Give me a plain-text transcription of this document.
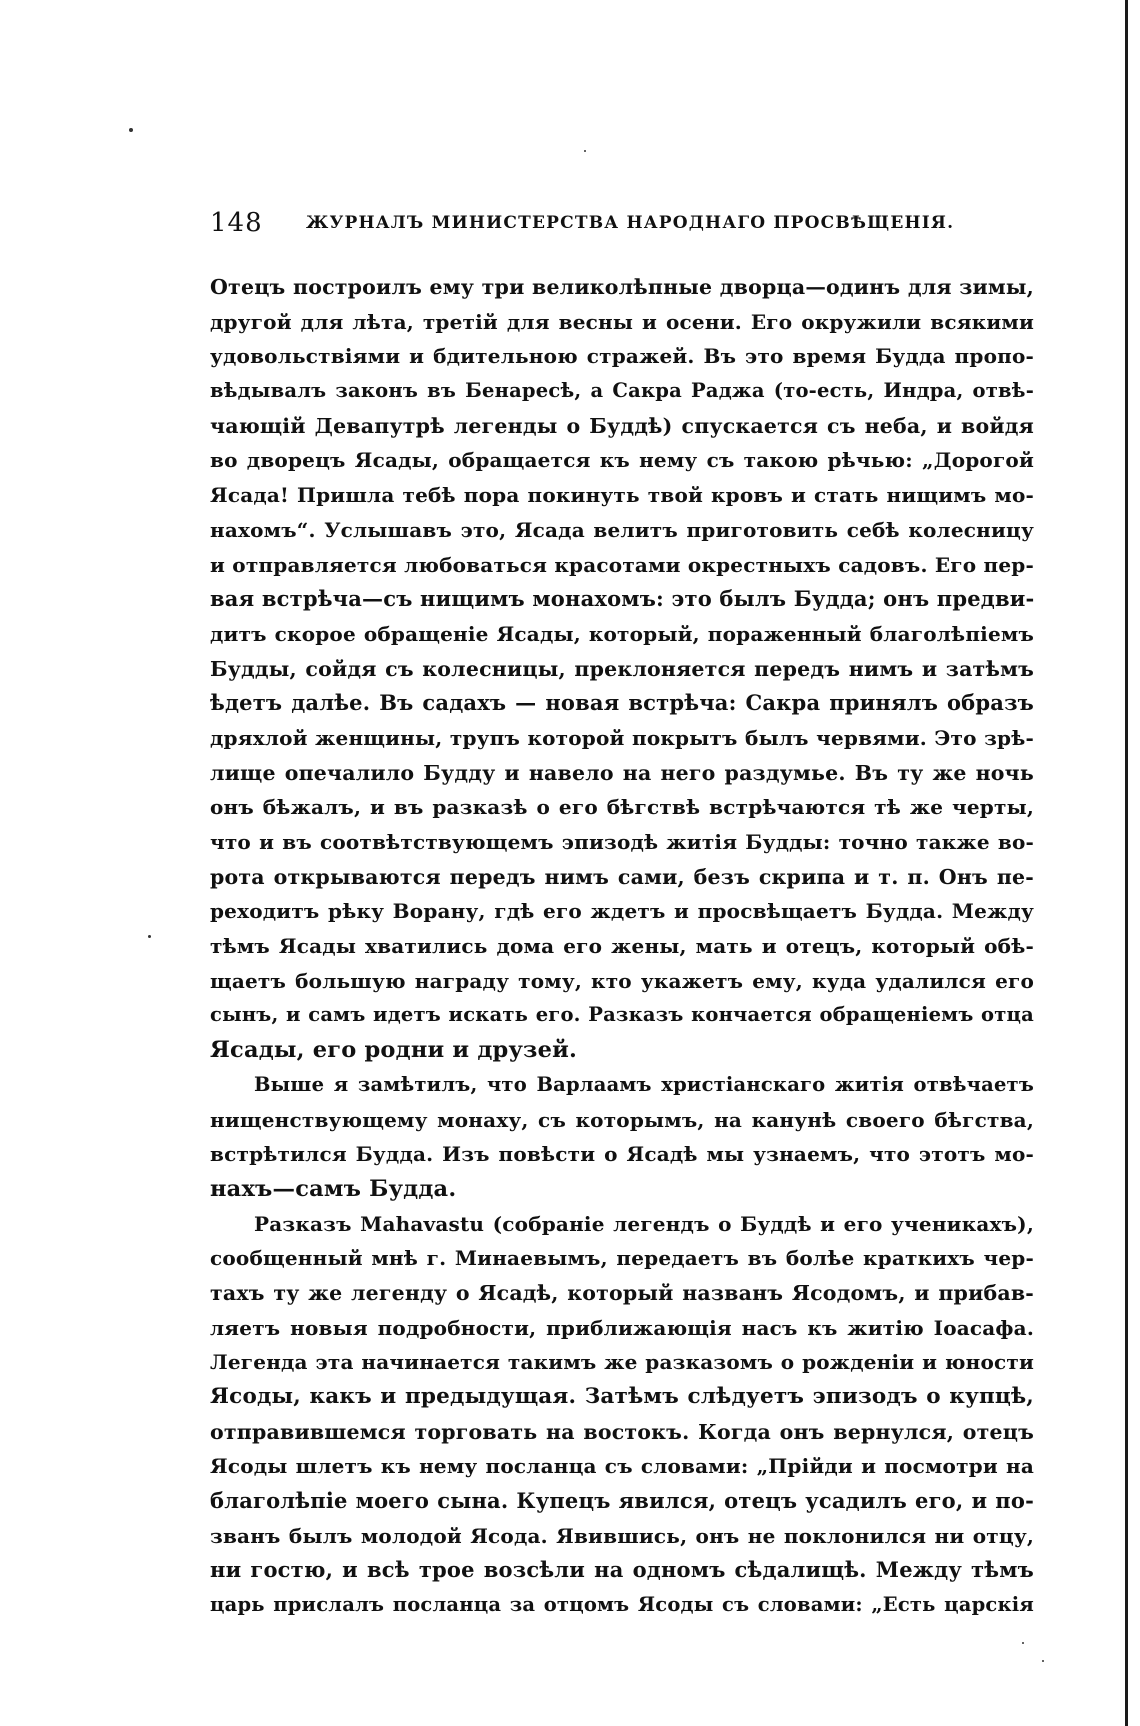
148	ЖУРНАЛЪ МИНИСТЕРСТВА НАРОДНАГО ПРОСВѢЩЕНІЯ.
Отецъ построилъ ему три великолѣпные дворца—одинъ для зимы,
другой для лѣта, третій для весны и осени. Его окружили всякими
удовольствіями и бдительною стражей. Въ это время Будда пропо-
вѣдывалъ законъ въ Бенаресѣ, а Сакра Раджа (то-есть, Индра, отвѣ-
чающій Девапутрѣ легенды о Буддѣ) спускается съ неба, и войдя
во дворецъ Ясады, обращается къ нему съ такою рѣчью: „Дорогой
Ясада! Пришла тебѣ пора покинуть твой кровъ и стать нищимъ мо-
нахомъ“. Услышавъ это, Ясада велитъ приготовить себѣ колесницу
и отправляется любоваться красотами окрестныхъ садовъ. Его пер-
вая встрѣча—съ нищимъ монахомъ: это былъ Будда; онъ предви-
дитъ скорое обращеніе Ясады, который, пораженный благолѣпіемъ
Будды, сойдя съ колесницы, преклоняется передъ нимъ и затѣмъ
ѣдетъ далѣе. Въ садахъ — новая встрѣча: Сакра принялъ образъ
дряхлой женщины, трупъ которой покрытъ былъ червями. Это зрѣ-
лище опечалило Будду и навело на него раздумье. Въ ту же ночь
онъ бѣжалъ, и въ разказѣ о его бѣгствѣ встрѣчаются тѣ же черты,
что и въ соотвѣтствующемъ эпизодѣ житія Будды: точно также во-
рота открываются передъ нимъ сами, безъ скрипа и т. п. Онъ пе-
реходитъ рѣку Ворану, гдѣ его ждетъ и просвѣщаетъ Будда. Между
тѣмъ Ясады хватились дома его жены, мать и отецъ, который обѣ-
щаетъ большую награду тому, кто укажетъ ему, куда удалился его
сынъ, и самъ идетъ искать его. Разказъ кончается обращеніемъ отца
Ясады, его родни и друзей.
Выше я замѣтилъ, что Варлаамъ христіанскаго житія отвѣчаетъ
нищенствующему монаху, съ которымъ, на канунѣ своего бѣгства,
встрѣтился Будда. Изъ повѣсти о Ясадѣ мы узнаемъ, что этотъ мо-
нахъ—самъ Будда.
Разказъ Mahavastu (собраніе легендъ о Буддѣ и его ученикахъ),
сообщенный мнѣ г. Минаевымъ, передаетъ въ болѣе краткихъ чер-
тахъ ту же легенду о Ясадѣ, который названъ Ясодомъ, и прибав-
ляетъ новыя подробности, приближающія насъ къ житію Іоасафа.
Легенда эта начинается такимъ же разказомъ о рожденіи и юности
Ясоды, какъ и предыдущая. Затѣмъ слѣдуетъ эпизодъ о купцѣ,
отправившемся торговать на востокъ. Когда онъ вернулся, отецъ
Ясоды шлетъ къ нему посланца съ словами: „Прійди и посмотри на
благолѣпіе моего сына. Купецъ явился, отецъ усадилъ его, и по-
званъ былъ молодой Ясода. Явившись, онъ не поклонился ни отцу,
ни гостю, и всѣ трое возсѣли на одномъ сѣдалищѣ. Между тѣмъ
царь прислалъ посланца за отцомъ Ясоды съ словами: „Есть царскія
